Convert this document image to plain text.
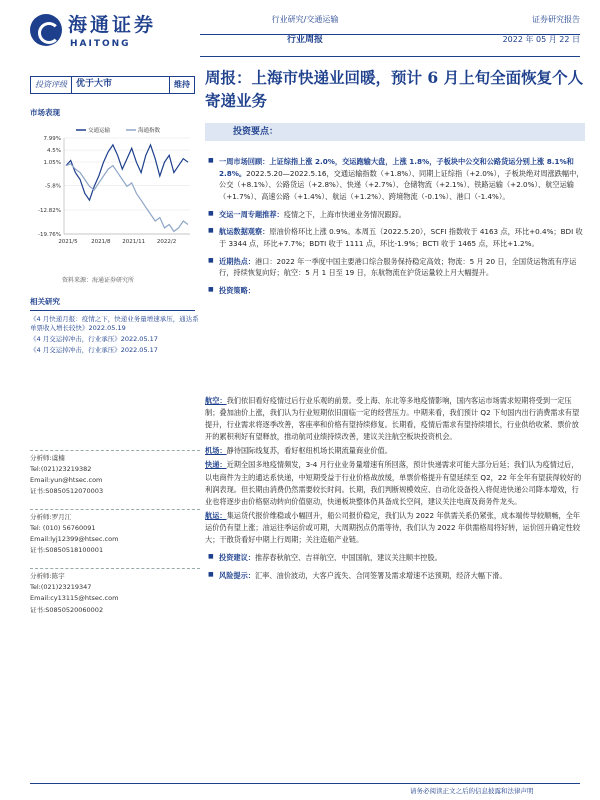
海通证券
HAITONG
行业研究/交通运输
行业周报
证券研究报告
2022 年 05 月 22 日
投资评级	优于大市	维持
市场表现
交通运输	海通指数
7.99%
4.5%
1.05%
-5.8%
-12.82%
-19.76%
2021/5 2021/8 2021/11 2022/2
资料来源：海通证券研究所
相关研究
《4 月快递月报：疫情之下，快递业务量增速承压，通达系单票收入增长较快》2022.05.19
《4 月交运掉冲击，行业承压》2022.05.17
《4 月交运掉冲击，行业承压》2022.05.17
分析师:虞楠
Tel:(021)23219382
Email:yun@htsec.com
证书:S0850512070003
分析师:罗月江
Tel: (010) 56760091
Email:lyj12399@htsec.com
证书:S0850518100001
分析师:陈宇
Tel:(021)23219347
Email:cy13115@htsec.com
证书:S0850520060002
周报：上海市快递业回暖，预计 6 月上旬全面恢复个人寄递业务
投资要点：
■ 一周市场回顾：上证综指上涨 2.0%，交运跑输大盘，上涨 1.8%，子板块中公交和公路货运分别上涨 8.1%和 2.8%。2022.5.20—2022.5.16，交通运输指数（+1.8%）、同期上证综指（+2.0%），子板块绝对周涨跌幅中，公交（+8.1%）、公路货运（+2.8%）、快递（+2.7%）、仓储物流（+2.1%）、铁路运输（+2.0%）、航空运输（+1.7%）、高速公路（+1.4%）、航运（+1.2%）、跨境物流（-0.1%）、港口（-1.4%）。
■ 交运一周专题推荐：疫情之下，上海市快递业务情况跟踪。
■ 航运数据观察：原油价格环比上涨 0.9%。本周五（2022.5.20），SCFI 指数收于 4163 点，环比+0.4%；BDI 收于 3344 点，环比+7.7%；BDTI 收于 1111 点，环比-1.9%；BCTI 收于 1465 点，环比+1.2%。
■ 近期热点：港口：2022 年一季度中国主要港口综合服务保持稳定高效；物流：5 月 20 日，全国货运物流有序运行，持续恢复向好；航空：5 月 1 日至 19 日，东航物流在沪货运量较上月大幅提升。
■ 投资策略：
航空：我们依旧看好疫情过后行业乐观的前景。受上海、东北等多地疫情影响，国内客运市场需求短期将受到一定压制；叠加油价上涨，我们认为行业短期依旧面临一定的经营压力。中期来看，我们预计 Q2 下旬国内出行消费需求有望提升，行业需求将逐季改善，客座率和价格有望持续修复。长期看，疫情后需求有望持续增长，行业供给收紧、票价放开的累积利好有望释放，推动航司业绩持续改善，建议关注航空板块投资机会。
机场：静待国际线复苏，看好枢纽机场长期流量商业价值。
快递：近期全国多地疫情频发，3-4 月行业业务量增速有所回落，预计快递需求可能大部分后延；我们认为疫情过后，以电商件为主的通达系快递，中短期受益于行业价格战放缓，单票价格提升有望延续至 Q2，22 年全年有望获得较好的利润表现。但长期由消费仍然需要较长时间。长期，我们判断规模效应、自动化设备投入将促进快递公司降本增效，行业也将逐步由价格驱动转向价值驱动，快递板块整体仍具备成长空间，建议关注电商及商务件龙头。
航运：集运货代报价维稳或小幅回升，船公司报价稳定，我们认为 2022 年供需关系仍紧张，成本端传导较顺畅，全年运价仍有望上涨；油运往季运价或可期，大周期拐点仍需等待，我们认为 2022 年供需格局将好转，运价回升确定性较大；干散货看好中期上行周期；关注造船产业链。
■ 投资建议：推荐春秋航空、吉祥航空、中国国航，建议关注顺丰控股。
■ 风险提示：汇率、油价波动，大客户流失、合同签署及需求增速不达预期，经济大幅下滑。
请务必阅读正文之后的信息披露和法律声明
